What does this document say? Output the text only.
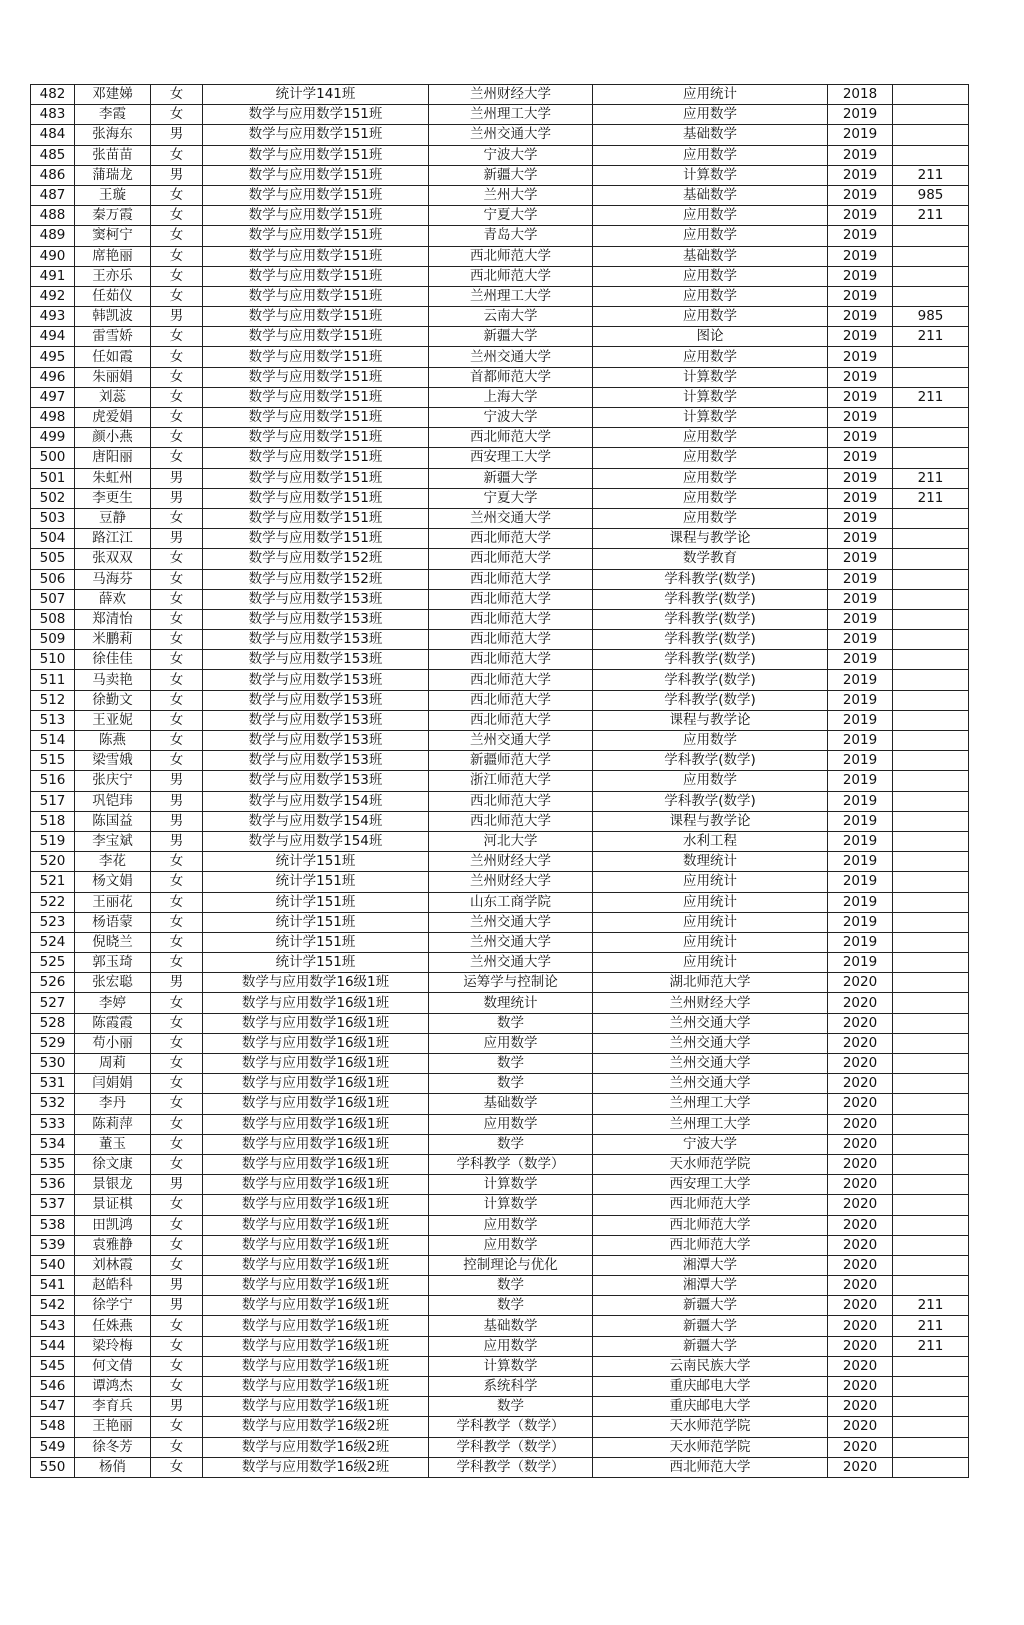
482	邓建娣	女	统计学141班	兰州财经大学	应用统计	2018	
483	李霞	女	数学与应用数学151班	兰州理工大学	应用数学	2019	
484	张海东	男	数学与应用数学151班	兰州交通大学	基础数学	2019	
485	张苗苗	女	数学与应用数学151班	宁波大学	应用数学	2019	
486	蒲瑞龙	男	数学与应用数学151班	新疆大学	计算数学	2019	211
487	王璇	女	数学与应用数学151班	兰州大学	基础数学	2019	985
488	秦万霞	女	数学与应用数学151班	宁夏大学	应用数学	2019	211
489	窦柯宁	女	数学与应用数学151班	青岛大学	应用数学	2019	
490	席艳丽	女	数学与应用数学151班	西北师范大学	基础数学	2019	
491	王亦乐	女	数学与应用数学151班	西北师范大学	应用数学	2019	
492	任茹仪	女	数学与应用数学151班	兰州理工大学	应用数学	2019	
493	韩凯波	男	数学与应用数学151班	云南大学	应用数学	2019	985
494	雷雪娇	女	数学与应用数学151班	新疆大学	图论	2019	211
495	任如霞	女	数学与应用数学151班	兰州交通大学	应用数学	2019	
496	朱丽娟	女	数学与应用数学151班	首都师范大学	计算数学	2019	
497	刘蕊	女	数学与应用数学151班	上海大学	计算数学	2019	211
498	虎爱娟	女	数学与应用数学151班	宁波大学	计算数学	2019	
499	颜小燕	女	数学与应用数学151班	西北师范大学	应用数学	2019	
500	唐阳丽	女	数学与应用数学151班	西安理工大学	应用数学	2019	
501	朱虹州	男	数学与应用数学151班	新疆大学	应用数学	2019	211
502	李更生	男	数学与应用数学151班	宁夏大学	应用数学	2019	211
503	豆静	女	数学与应用数学151班	兰州交通大学	应用数学	2019	
504	路江江	男	数学与应用数学151班	西北师范大学	课程与教学论	2019	
505	张双双	女	数学与应用数学152班	西北师范大学	数学教育	2019	
506	马海芬	女	数学与应用数学152班	西北师范大学	学科教学(数学)	2019	
507	薛欢	女	数学与应用数学153班	西北师范大学	学科教学(数学)	2019	
508	郑清怡	女	数学与应用数学153班	西北师范大学	学科教学(数学)	2019	
509	米鹏莉	女	数学与应用数学153班	西北师范大学	学科教学(数学)	2019	
510	徐佳佳	女	数学与应用数学153班	西北师范大学	学科教学(数学)	2019	
511	马卖艳	女	数学与应用数学153班	西北师范大学	学科教学(数学)	2019	
512	徐勤文	女	数学与应用数学153班	西北师范大学	学科教学(数学)	2019	
513	王亚妮	女	数学与应用数学153班	西北师范大学	课程与教学论	2019	
514	陈燕	女	数学与应用数学153班	兰州交通大学	应用数学	2019	
515	梁雪娥	女	数学与应用数学153班	新疆师范大学	学科教学(数学)	2019	
516	张庆宁	男	数学与应用数学153班	浙江师范大学	应用数学	2019	
517	巩铠玮	男	数学与应用数学154班	西北师范大学	学科教学(数学)	2019	
518	陈国益	男	数学与应用数学154班	西北师范大学	课程与教学论	2019	
519	李宝斌	男	数学与应用数学154班	河北大学	水利工程	2019	
520	李花	女	统计学151班	兰州财经大学	数理统计	2019	
521	杨文娟	女	统计学151班	兰州财经大学	应用统计	2019	
522	王丽花	女	统计学151班	山东工商学院	应用统计	2019	
523	杨语蒙	女	统计学151班	兰州交通大学	应用统计	2019	
524	倪晓兰	女	统计学151班	兰州交通大学	应用统计	2019	
525	郭玉琦	女	统计学151班	兰州交通大学	应用统计	2019	
526	张宏聪	男	数学与应用数学16级1班	运筹学与控制论	湖北师范大学	2020	
527	李婷	女	数学与应用数学16级1班	数理统计	兰州财经大学	2020	
528	陈霞霞	女	数学与应用数学16级1班	数学	兰州交通大学	2020	
529	苟小丽	女	数学与应用数学16级1班	应用数学	兰州交通大学	2020	
530	周莉	女	数学与应用数学16级1班	数学	兰州交通大学	2020	
531	闫娟娟	女	数学与应用数学16级1班	数学	兰州交通大学	2020	
532	李丹	女	数学与应用数学16级1班	基础数学	兰州理工大学	2020	
533	陈莉萍	女	数学与应用数学16级1班	应用数学	兰州理工大学	2020	
534	董玉	女	数学与应用数学16级1班	数学	宁波大学	2020	
535	徐文康	女	数学与应用数学16级1班	学科教学（数学）	天水师范学院	2020	
536	景银龙	男	数学与应用数学16级1班	计算数学	西安理工大学	2020	
537	景证棋	女	数学与应用数学16级1班	计算数学	西北师范大学	2020	
538	田凯鸿	女	数学与应用数学16级1班	应用数学	西北师范大学	2020	
539	袁雅静	女	数学与应用数学16级1班	应用数学	西北师范大学	2020	
540	刘林霞	女	数学与应用数学16级1班	控制理论与优化	湘潭大学	2020	
541	赵皓科	男	数学与应用数学16级1班	数学	湘潭大学	2020	
542	徐学宁	男	数学与应用数学16级1班	数学	新疆大学	2020	211
543	任姝燕	女	数学与应用数学16级1班	基础数学	新疆大学	2020	211
544	梁玲梅	女	数学与应用数学16级1班	应用数学	新疆大学	2020	211
545	何文倩	女	数学与应用数学16级1班	计算数学	云南民族大学	2020	
546	谭鸿杰	女	数学与应用数学16级1班	系统科学	重庆邮电大学	2020	
547	李育兵	男	数学与应用数学16级1班	数学	重庆邮电大学	2020	
548	王艳丽	女	数学与应用数学16级2班	学科教学（数学）	天水师范学院	2020	
549	徐冬芳	女	数学与应用数学16级2班	学科教学（数学）	天水师范学院	2020	
550	杨俏	女	数学与应用数学16级2班	学科教学（数学）	西北师范大学	2020	
